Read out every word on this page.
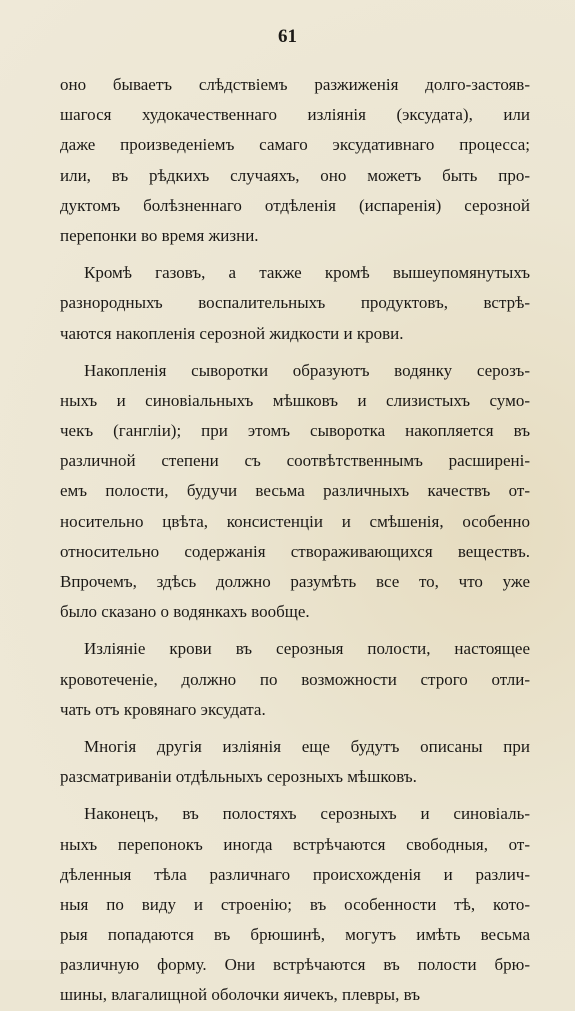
61
оно бываетъ слѣдствіемъ разжиженія долго-застояв-
шагося худокачественнаго изліянія (эксудата), или
даже произведеніемъ самаго эксудативнаго процесса;
или, въ рѣдкихъ случаяхъ, оно можетъ быть про-
дуктомъ болѣзненнаго отдѣленія (испаренія) серозной
перепонки во время жизни.
Кромѣ газовъ, а также кромѣ вышеупомянутыхъ
разнородныхъ воспалительныхъ продуктовъ, встрѣ-
чаются накопленія серозной жидкости и крови.
Накопленія сыворотки образуютъ водянку серозъ-
ныхъ и синовіальныхъ мѣшковъ и слизистыхъ сумо-
чекъ (гангліи); при этомъ сыворотка накопляется въ
различной степени съ соотвѣтственнымъ расширені-
емъ полости, будучи весьма различныхъ качествъ от-
носительно цвѣта, консистенціи и смѣшенія, особенно
относительно содержанія створаживающихся веществъ.
Впрочемъ, здѣсь должно разумѣть все то, что уже
было сказано о водянкахъ вообще.
Изліяніе крови въ серозныя полости, настоящее
кровотеченіе, должно по возможности строго отли-
чать отъ кровянаго эксудата.
Многія другія изліянія еще будутъ описаны при
разсматриваніи отдѣльныхъ серозныхъ мѣшковъ.
Наконецъ, въ полостяхъ серозныхъ и синовіаль-
ныхъ перепонокъ иногда встрѣчаются свободныя, от-
дѣленныя тѣла различнаго происхожденія и различ-
ныя по виду и строенію; въ особенности тѣ, кото-
рыя попадаются въ брюшинѣ, могутъ имѣть весьма
различную форму. Они встрѣчаются въ полости брю-
шины, влагалищной оболочки яичекъ, плевры, въ
